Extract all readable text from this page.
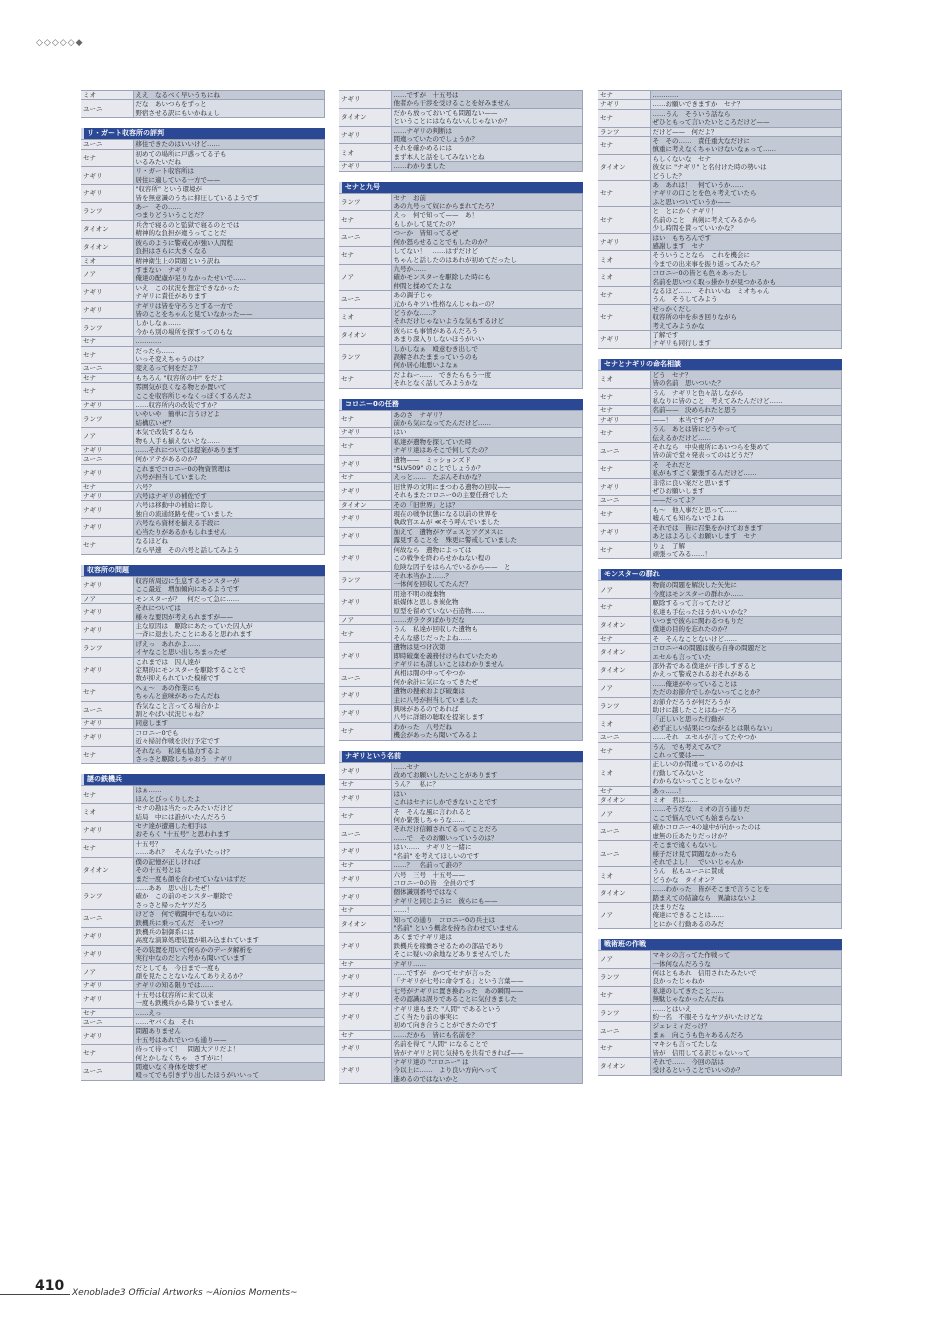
◇◇◇◇◇◆
ミオ	ええ　なるべく早いうちにね

ユーニ	だな　あいつらをずっと
野宿させる訳にもいかねぇし
リ・ガート収容所の評判
ユーニ	移住できたのはいいけど……

セナ	初めての場所に戸惑ってる子も
いるみたいだね

ナギリ	リ・ガート収容所は
居住に適している一方で——

ナギリ	"収容所" という環境が
皆を無意識のうちに抑圧しているようです

ランツ	あー　その……
つまりどういうことだ？

タイオン	兵舎で寝るのと監獄で寝るのとでは
精神的な負担が違うってことだ

タイオン	彼らのように警戒心が強い人間程
負担はさらに大きくなる

ミオ	精神衛生上の問題という訳ね

ノア	すまない　ナギリ
俺達の配慮が足りなかったせいで……

ナギリ	いえ　この状況を想定できなかった
ナギリに責任があります

ナギリ	ナギリは皆を守ろうとする一方で
皆のことをちゃんと見ていなかった——

ランツ	しかしなぁ……
今から別の場所を探すってのもな

セナ	…………

セナ	だったら……
いっそ変えちゃうのは？

ユーニ	変えるって何をだよ？

セナ	もちろん "収容所の中" をだよ

セナ	雰囲気が良くなる物とか置いて
ここを収容所じゃなくっぽくするんだよ

ナギリ	……収容所内の改装ですか？

ランツ	いやいや　簡単に言うけどよ
結構広いぜ？

ノア	本気で改装するなら
物も人手も揃えないとな……

ナギリ	……それについては提案があります

ユーニ	何かアテがあるのか？

ナギリ	これまでコロニー0の物資管理は
六号が担当していました

セナ	六号？

ナギリ	六号はナギリの補佐です

ナギリ	六号は移動中の補給に際し
独自の流通経路を使っていました

ナギリ	六号なら資材を揃える手段に
心当たりがあるかもしれません

セナ	なるほどね
なら早速　その六号と話してみよう
収容所の問題
ナギリ	収容所周辺に生息するモンスターが
ここ最近　増加傾向にあるようです

ノア	モンスターが？　何だって急に……

ナギリ	それについては
様々な要因が考えられますが——

ナギリ	主な原因は　駆除にあたっていた囚人が
一斉に退去したことにあると思われます

ランツ	げえっ　あれかよ……
イヤなこと思い出しちまったぜ

ナギリ	これまでは　囚人達が
定期的にモンスターを駆除することで
数が抑えられていた模様です

セナ	へぇ～　あの作業にも
ちゃんと意味があったんだね

ユーニ	呑気なこと言ってる場合かよ
割とやばい状況じゃね？

ナギリ	同意します

ナギリ	コロニー0でも
近々掃討作戦を決行予定です

セナ	それなら　私達も協力するよ
さっさと駆除しちゃおう　ナギリ
謎の鉄機兵
セナ	はぁ……
ほんとびっくりしたよ

ミオ	セナの勘は当たったみたいだけど
結局　中には誰がいたんだろう

ナギリ	セナ達が遭遇した相手は
おそらく "十五号" と思われます

セナ	十五号？
……あれ？　そんな子いたっけ？

タイオン	僕の記憶が正しければ
その十五号とは
まだ一度も顔を合わせていないはずだ

ランツ	……ああ　思い出したぜ！
確か　この前のモンスター駆除で
さっさと帰ったヤツだろ

ユーニ	けどさ　何で戦闘中でもないのに
鉄機兵に乗ってんだ　そいつ？

ナギリ	鉄機兵の制御系には
高度な演算処理装置が組み込まれています

ナギリ	その装置を用いて何らかのデータ解析を
実行中なのだと六号から聞いています

ノア	だとしても　今日まで一度も
顔を見たことないなんてありえるか？

ナギリ	ナギリの知る限りでは……

ナギリ	十五号は収容所に来て以来
一度も鉄機兵から降りていません

セナ	……えっ

ユーニ	……ヤバくね　それ

ナギリ	問題ありません
十五号はあれでいつも通り——

セナ	待って待って！　問題大アリだよ！
何とかしなくちゃ　さすがに！

ユーニ	間違いなく身体を壊すぜ
殴ってでも引きずり出したほうがいいって
ナギリ	……ですが　十五号は
他者から干渉を受けることを好みません

タイオン	だから放っておいても問題ない——
ということにはならないんじゃないか？

ナギリ	……ナギリの判断は
間違っていたのでしょうか？

ミオ	それを確かめるには
まず本人と話をしてみないとね

ナギリ	……わかりました
セナと九号
ランツ	セナ　お前
あの九号って奴にからまれてたろ？

セナ	えっ　何で知って——　あ！
もしかして見てたの？

ユーニ	つーか　皆知ってるぜ
何か怒らせることでもしたのか？

セナ	してない！　……はずだけど
ちゃんと話したのはあれが初めてだったし

ノア	九号か……
確かモンスターを駆除した時にも
仲間と揉めてたよな

ユーニ	あの調子じゃ
元からキツい性格なんじゃねーの？

ミオ	どうかな……？
それだけじゃないような気もするけど

タイオン	彼らにも事情があるんだろう
あまり深入りしないほうがいい

ランツ	しかしなぁ　殴意むき出しで
誤解されたままっていうのも
何か居心地悪いよなぁ

セナ	だよねー……　できたらもう一度
それとなく話してみようかな
コロニー0の任務
セナ	あのさ　ナギリ？
前から気になってたんだけど……

ナギリ	はい

セナ	私達が遺物を探していた時
ナギリ達はあそこで何してたの？

ナギリ	遺物——　ミッションズド
"SLV509" のことでしょうか？

セナ	えっと……　たぶんそれかな？

ナギリ	旧世界の文明にまつわる遺物の回収——
それもまたコロニー0の主要任務でした

タイオン	その「旧世界」とは？

ナギリ	現在の戦争状態になる以前の世界を
執政官エムが ≪そう呼んでいました

ナギリ	加えて　遺物がケヴェスとアグヌスに
露見することを　殊更に警戒していました

ナギリ	何故なら　遺物によっては
この戦争を終わらせかねない程の
危険な因子をはらんでいるから——　と

ランツ	それ本当かよ……？
一体何を回収してたんだ？

ナギリ	用途不明の廃棄物
紙媒体と思しき炭化物
原型を留めていない石造物……

ノア	……ガラクタばかりだな

セナ	うん　私達が回収した遺物も
そんな感じだったよね……

ナギリ	遺物は見つけ次第
即時破棄を義務付けられていたため
ナギリにも詳しいことはわかりません

ユーニ	真相は闇の中ってやつか
何か余計に気になってきたぜ

ナギリ	遺物の捜索および破棄は
主に八号が担当していました

ナギリ	興味があるのであれば
八号に詳細の聴取を提案します

セナ	わかった　八号だね
機会があったら聞いてみるよ
ナギリという名前
ナギリ	……セナ
改めてお願いしたいことがあります

セナ	うん？　私に？

ナギリ	はい
これはセナにしかできないことです

セナ	そ　そんな風に言われると
何か緊張しちゃうな……

ユーニ	それだけ信頼されてるってことだろ
……で　そのお願いっていうのは？

ナギリ	はい……　ナギリと一緒に
"名前" を考えてほしいのです

セナ	……？　名前って誰の？

ナギリ	六号　三号　十五号——
コロニー0の皆　全員のです

ナギリ	個体識別番号ではなく
ナギリと同じように　彼らにも——

セナ	……！

タイオン	知っての通り　コロニー0の兵士は
"名前" という概念を持ち合わせていません

ナギリ	あくまでナギリ達は
鉄機兵を稼働させるための部品であり
そこに疑いの余地などありませんでした

セナ	ナギリ……

ナギリ	……ですが　かつてセナが言った
「ナギリが七号に命令する」という言葉——

ナギリ	七号がナギリに置き換わった　あの瞬間——
その認識は誤りであることに気付きました

ナギリ	ナギリ達もまた "人間" であるという
ごく当たり前の事実に
初めて向き合うことができたのです

セナ	……だから　皆にも名前を？

ナギリ	名前を得て "人間" になることで
皆がナギリと同じ気持ちを共有できれば——

ナギリ	ナギリ達の "コロニー" は
今以上に……　より良い方向へって
進めるのではないかと
セナ	…………

ナギリ	……お願いできますか　セナ？

セナ	……うん　そういう話なら
ぜひともって言いたいところだけど——

ランツ	だけど——　何だよ？

セナ	そ　その……　責任重大なだけに
慎重に考えなくちゃいけないなぁって……

タイオン	らしくないな　セナ
彼女に "ナギリ" と名付けた時の勢いは
どうした？

セナ	あ　あれは！　何ていうか……
ナギリの口ことを色々考えていたら
ふと思いついていうか——

セナ	と　とにかくナギリ！
名前のこと　真剣に考えてみるから
少し時間を貰っていいかな？

ナギリ	はい　もちろんです
感謝します　セナ

ミオ	そういうことなら　これを機会に
今までの出来事を振り返ってみたら？

ミオ	コロニー0の皆とも色々あったし
名前を思いつく取っ掛かりが見つかるかも

セナ	なるほど……　それいいね　ミオちゃん
うん　そうしてみよう

セナ	せっかくだし
収容所の中を歩き回りながら
考えてみようかな

ナギリ	了解です
ナギリも同行します
セナとナギリの命名相談
ミオ	どう　セナ？
皆の名前　思いついた？

セナ	うん　ナギリと色々話しながら
私なりに皆のこと　考えてみたんだけど……

セナ	名前——　決められたと思う

ナギリ	——！　本当ですか？

セナ	うん　あとは皆にどうやって
伝えるかだけど……

ユーニ	それなら　中央複所にあいつらを集めて
皆の前で堂々発表ってのはどうだ？

セナ	そ　それだと
私がもすごく緊張するんだけど……

ナギリ	非常に良い案だと思います
ぜひお願いします

ユーニ	——だってよ？

セナ	も～　他人事だと思って……
嘘んても知らないでよね

ナギリ	それでは　皆に召集をかけておきます
あとはよろしくお願いします　セナ

セナ	りょ　了解
頑張ってみる……！
モンスターの群れ
ノア	物資の問題を解決した矢先に
今度はモンスターの群れか……

セナ	駆除するって言ってたけど
私達も手伝ったほうがいいかな？

タイオン	いつまで彼らに関わるつもりだ
僕達の目的を忘れたのか？

セナ	そ　そんなことないけど……

タイオン	コロニー4の問題は彼ら自身の問題だと
エセルも言っていた

タイオン	部外者である僕達が干渉しすぎると
かえって警戒されるおそれがある

ノア	……俺達がやっていることは
ただのお節介でしかないってことか？

ランツ	お節介だろうが何だろうが
助けに越したことはねーだろ

ミオ	「正しいと思った行動が
必ず正しい結果につながるとは限らない」

ユーニ	……それ　エセルが言ってたやつか

セナ	うん　でも考えてみて？
これって要は——

ミオ	正しいのか間違っているのかは
行動してみないと
わからないってことじゃない？

セナ	あっ……！

タイオン	ミオ　君は……

ノア	……そうだな　ミオの言う通りだ
ここで悩んでいても始まらない

ユーニ	確かコロニー4の連中が向かったのは
虚無の丘あたりだっけか？

ユーニ	そこまで遠くもないし
様子だけ見て問題なかったら
それでよし！　でいいじゃんか

ミオ	うん　私もユーニに賛成
どうかな　タイオン？

タイオン	……わかった　皆がそこまで言うことを
踏まえての結論なら　異論はないよ

ノア	決まりだな
俺達にできることは……
とにかく行動あるのみだ
戦術班の作戦
ノア	マキシの言ってた作戦って
一体何なんだろうな

ランツ	何はともあれ　信用されたみたいで
良かったじゃねか

セナ	私達のしてきたこと……
無駄じゃなかったんだね

ランツ	……とはいえ
約一名　不服そうなヤツがいたけどな

ユーニ	ジェレミィだっけ？
まぁ　向こうも色々あるんだろ

セナ	マキシも言ってたしな
皆が　信用してる訳じゃないって

タイオン	それで……　今回の話は
受けるということでいいのか？
410 Xenoblade3 Official Artworks ~Aionios Moments~
